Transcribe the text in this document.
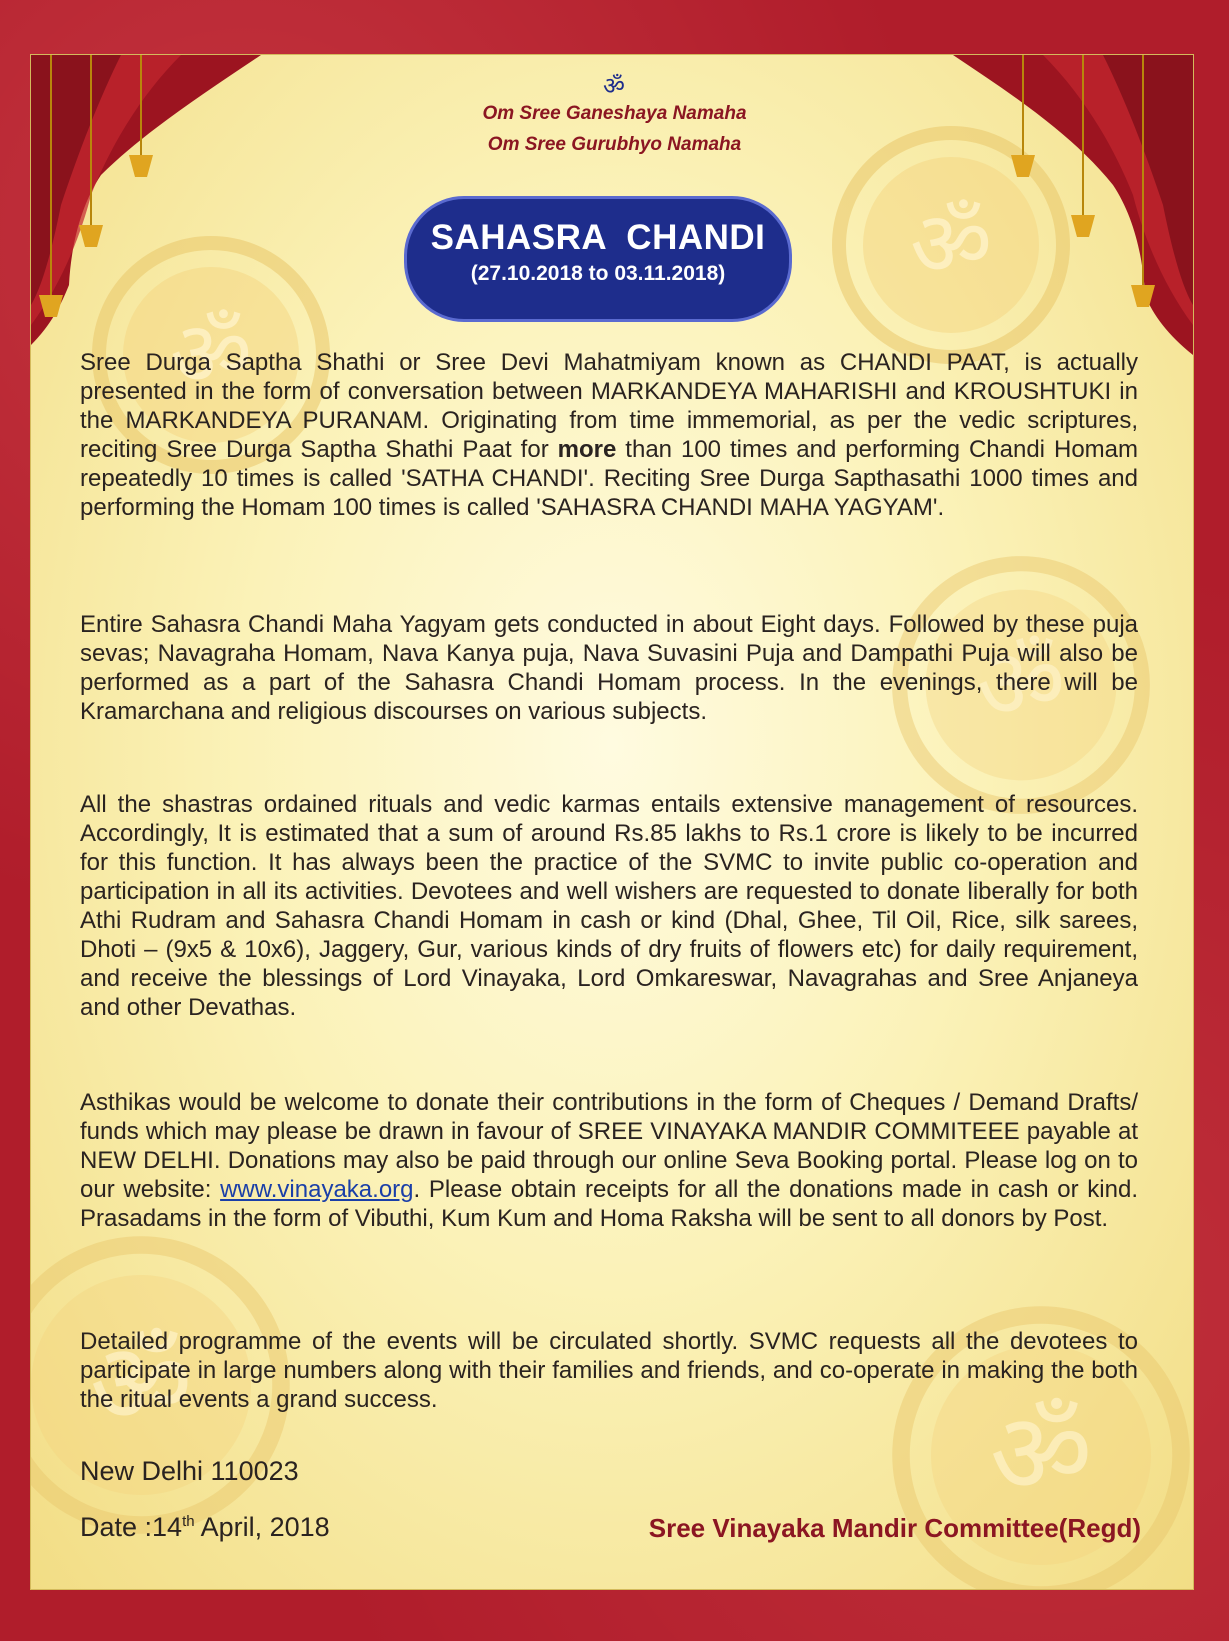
ॐ
ॐ
ॐ
ॐ
ॐ
ॐ
Om Sree Ganeshaya Namaha
Om Sree Gurubhyo Namaha
SAHASRA  CHANDI
(27.10.2018 to 03.11.2018)
Sree Durga Saptha Shathi or Sree Devi Mahatmiyam known as CHANDI PAAT, is actually presented in the form of conversation between MARKANDEYA MAHARISHI and KROUSHTUKI in the MARKANDEYA PURANAM. Originating from time immemorial, as per the vedic scriptures, reciting Sree Durga Saptha Shathi Paat for more than 100 times and performing Chandi Homam repeatedly 10 times is called 'SATHA CHANDI'. Reciting Sree Durga Sapthasathi 1000 times and performing the Homam 100 times is called 'SAHASRA CHANDI MAHA YAGYAM'.
Entire Sahasra Chandi Maha Yagyam gets conducted in about Eight days. Followed by these puja sevas; Navagraha Homam, Nava Kanya puja, Nava Suvasini Puja and Dampathi Puja will also be performed as a part of the Sahasra Chandi Homam process. In the evenings, there will be Kramarchana and religious discourses on various subjects.
All the shastras ordained rituals and vedic karmas entails extensive management of resources. Accordingly, It is estimated that a sum of around Rs.85 lakhs to Rs.1 crore is likely to be incurred for this function. It has always been the practice of the SVMC to invite public co-operation and participation in all its activities. Devotees and well wishers are requested to donate liberally for both Athi Rudram and Sahasra Chandi Homam in cash or kind (Dhal, Ghee, Til Oil, Rice, silk sarees, Dhoti – (9x5 & 10x6), Jaggery, Gur, various kinds of dry fruits of flowers etc) for daily requirement, and receive the blessings of Lord Vinayaka, Lord Omkareswar, Navagrahas and Sree Anjaneya and other Devathas.
Asthikas would be welcome to donate their contributions in the form of Cheques / Demand Drafts/ funds which may please be drawn in favour of SREE VINAYAKA MANDIR COMMITEEE payable at NEW DELHI. Donations may also be paid through our online Seva Booking portal. Please log on to our website: www.vinayaka.org. Please obtain receipts for all the donations made in cash or kind. Prasadams in the form of Vibuthi, Kum Kum and Homa Raksha will be sent to all donors by Post.
Detailed programme of the events will be circulated shortly. SVMC requests all the devotees to participate in large numbers along with their families and friends, and co-operate in making the both the ritual events a grand success.
New Delhi 110023
Date :14th April, 2018	Sree Vinayaka Mandir Committee(Regd)
